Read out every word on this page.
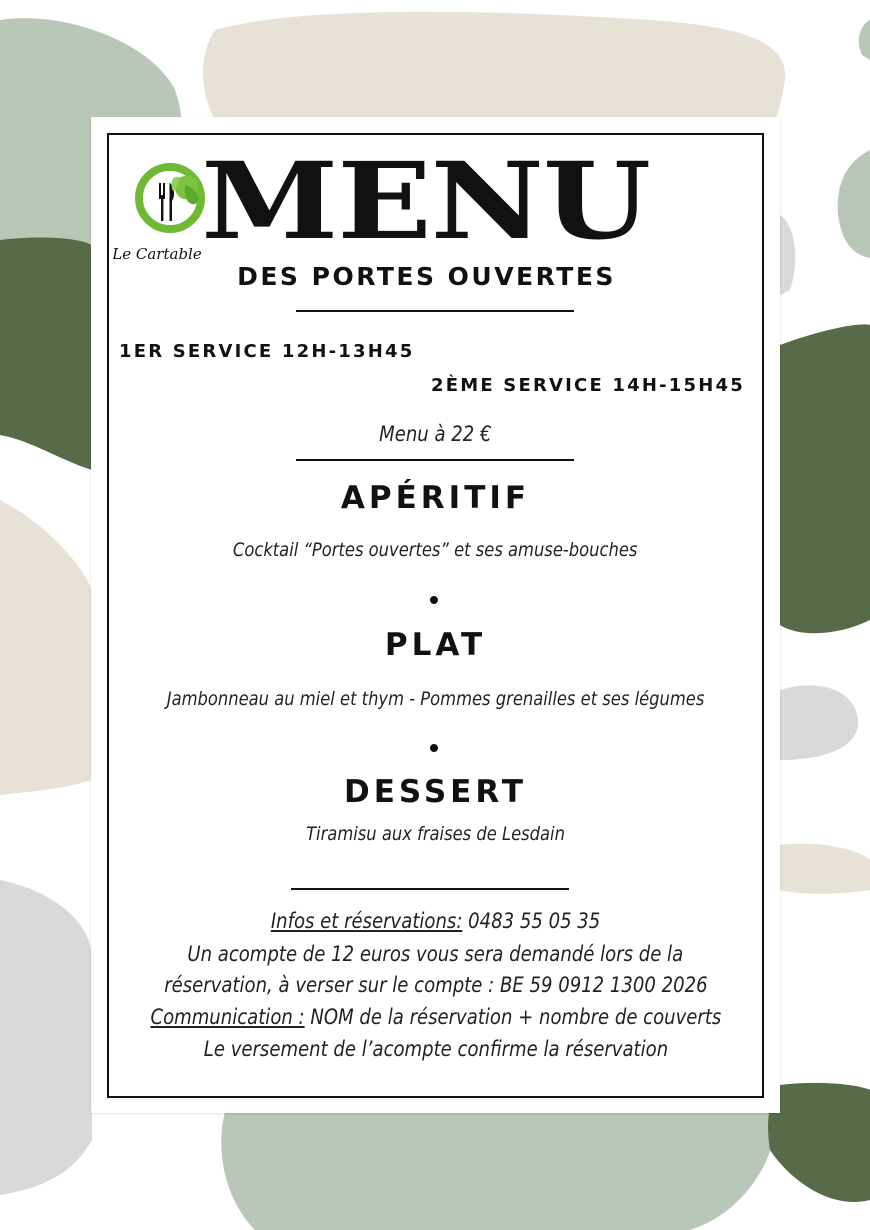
Le Cartable MENU
DES PORTES OUVERTES
1ER SERVICE 12H-13H45
2ÈME SERVICE 14H-15H45
Menu à 22 €
APÉRITIF
Cocktail “Portes ouvertes” et ses amuse-bouches
PLAT
Jambonneau au miel et thym - Pommes grenailles et ses légumes
DESSERT
Tiramisu aux fraises de Lesdain
Infos et réservations: 0483 55 05 35
Un acompte de 12 euros vous sera demandé lors de la
réservation, à verser sur le compte : BE 59 0912 1300 2026
Communication : NOM de la réservation + nombre de couverts
Le versement de l’acompte confirme la réservation
